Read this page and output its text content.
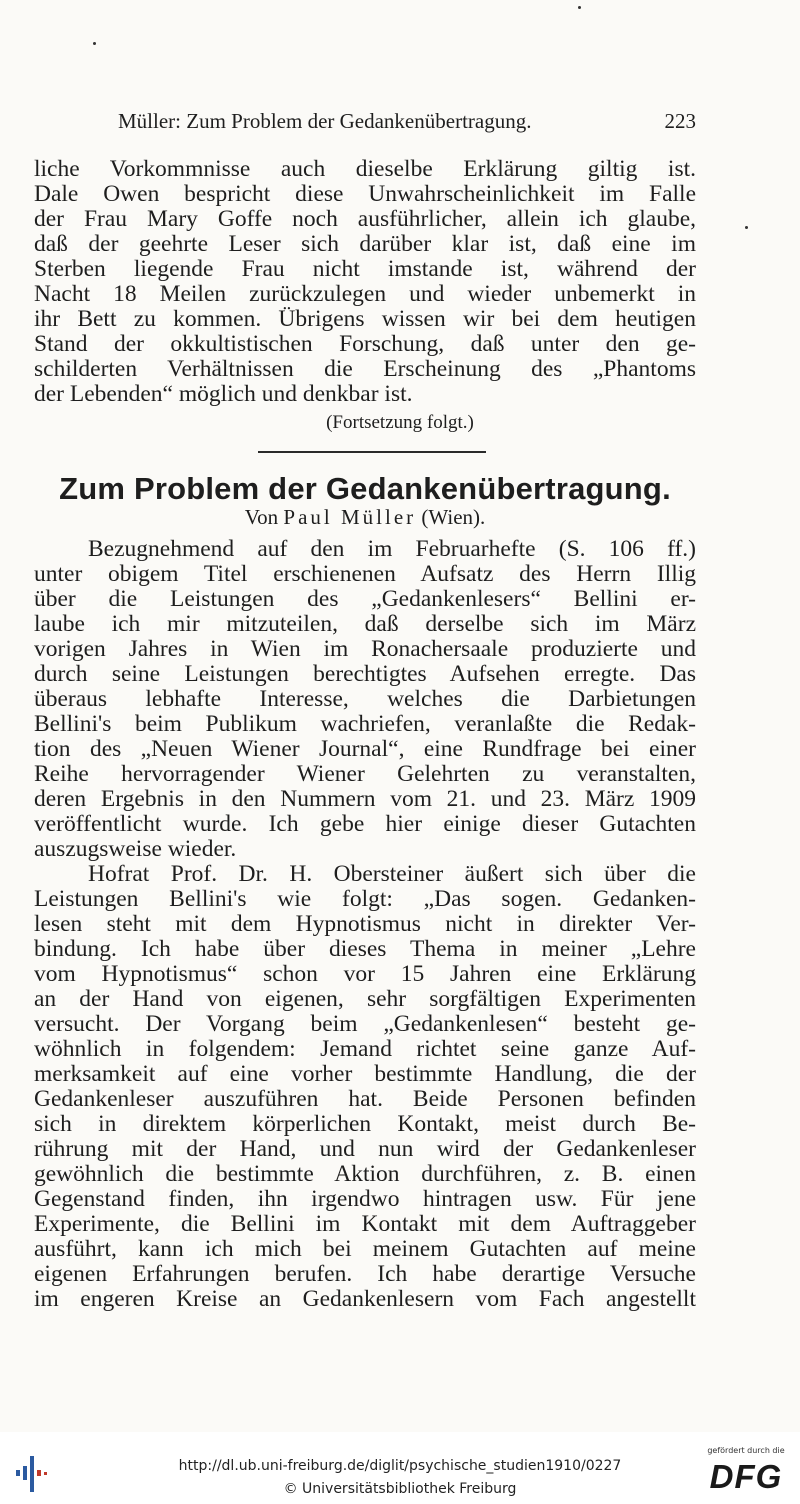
Müller: Zum Problem der Gedankenübertragung.	223
liche Vorkommnisse auch dieselbe Erklärung giltig ist.
Dale Owen bespricht diese Unwahrscheinlichkeit im Falle
der Frau Mary Goffe noch ausführlicher, allein ich glaube,
daß der geehrte Leser sich darüber klar ist, daß eine im
Sterben liegende Frau nicht imstande ist, während der
Nacht 18 Meilen zurückzulegen und wieder unbemerkt in
ihr Bett zu kommen. Übrigens wissen wir bei dem heutigen
Stand der okkultistischen Forschung, daß unter den ge-
schilderten Verhältnissen die Erscheinung des „Phantoms
der Lebenden“ möglich und denkbar ist.
(Fortsetzung folgt.)
Zum Problem der Gedankenübertragung.
Von Paul Müller (Wien).
Bezugnehmend auf den im Februarhefte (S. 106 ff.)
unter obigem Titel erschienenen Aufsatz des Herrn Illig
über die Leistungen des „Gedankenlesers“ Bellini er-
laube ich mir mitzuteilen, daß derselbe sich im März
vorigen Jahres in Wien im Ronachersaale produzierte und
durch seine Leistungen berechtigtes Aufsehen erregte. Das
überaus lebhafte Interesse, welches die Darbietungen
Bellini's beim Publikum wachriefen, veranlaßte die Redak-
tion des „Neuen Wiener Journal“, eine Rundfrage bei einer
Reihe hervorragender Wiener Gelehrten zu veranstalten,
deren Ergebnis in den Nummern vom 21. und 23. März 1909
veröffentlicht wurde. Ich gebe hier einige dieser Gutachten
auszugsweise wieder.
Hofrat Prof. Dr. H. Obersteiner äußert sich über die
Leistungen Bellini's wie folgt: „Das sogen. Gedanken-
lesen steht mit dem Hypnotismus nicht in direkter Ver-
bindung. Ich habe über dieses Thema in meiner „Lehre
vom Hypnotismus“ schon vor 15 Jahren eine Erklärung
an der Hand von eigenen, sehr sorgfältigen Experimenten
versucht. Der Vorgang beim „Gedankenlesen“ besteht ge-
wöhnlich in folgendem: Jemand richtet seine ganze Auf-
merksamkeit auf eine vorher bestimmte Handlung, die der
Gedankenleser auszuführen hat. Beide Personen befinden
sich in direktem körperlichen Kontakt, meist durch Be-
rührung mit der Hand, und nun wird der Gedankenleser
gewöhnlich die bestimmte Aktion durchführen, z. B. einen
Gegenstand finden, ihn irgendwo hintragen usw. Für jene
Experimente, die Bellini im Kontakt mit dem Auftraggeber
ausführt, kann ich mich bei meinem Gutachten auf meine
eigenen Erfahrungen berufen. Ich habe derartige Versuche
im engeren Kreise an Gedankenlesern vom Fach angestellt
http://dl.ub.uni-freiburg.de/diglit/psychische_studien1910/0227
© Universitätsbibliothek Freiburg
gefördert durch die
DFG
